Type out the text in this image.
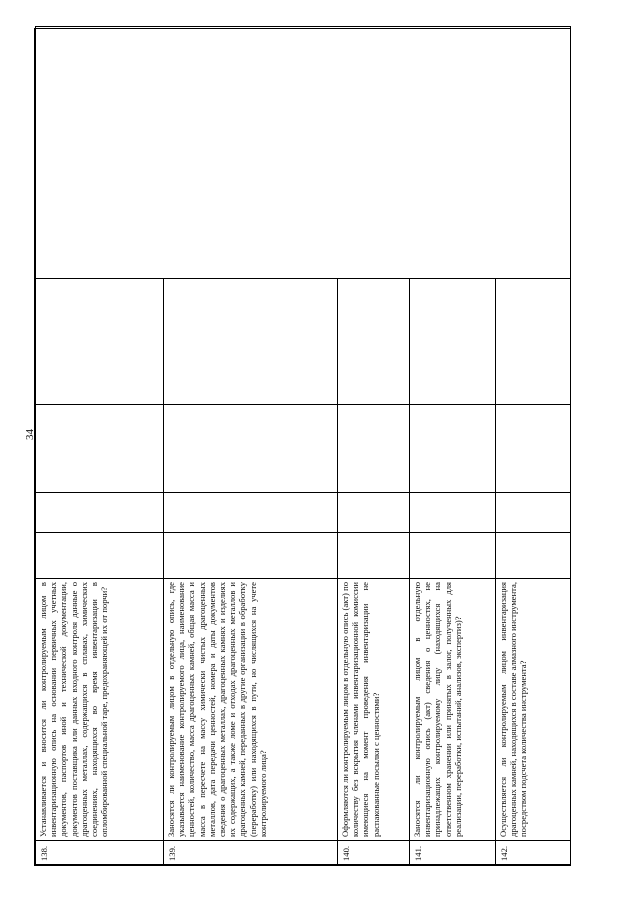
34
138.	Устанавливается и вносится ли контролируемым лицом в инвентаризационную опись на основании первичных учетных документов, паспортов иной и технической документации, документов поставщика или данных входного контроля данные о драгоценных металлах, содержащихся в сплавах, химических соединениях, находящихся во время инвентаризации в опломбированной специальной таре, предохраняющей их от порчи?					
139.	Заносятся ли контролируемым лицом в отдельную опись, где указывается наименование контролируемого лица, наименование ценностей, количество, масса драгоценных камней, общая масса и масса в пересчете на массу химически чистых драгоценных металлов, дата передачи ценностей, номера и даты документов сведения о драгоценных металлах, драгоценных камнях и изделиях их содержащих, а также ломе и отходах драгоценных металлов и драгоценных камней, переданных в другие организации в обработку (переработку) или находящихся в пути, но числящихся на учете контролируемого лица?					
140.	Оформляются ли контролируемым лицом в отдельную опись (акт) по количеству без вскрытия членами инвентаризационной комиссии имеющиеся на момент проведения инвентаризации не распакованные посылки с ценностями?					
141.	Заносятся ли контролируемым лицом в отдельную инвентаризационную опись (акт) сведения о ценностях, не принадлежащих контролируемому лицу (находящихся на ответственном хранении или принятых в залог, полученных для реализации, переработки, испытаний, анализов, экспертиз)?					
142.	Осуществляется ли контролируемым лицом инвентаризация драгоценных камней, находящихся в составе алмазного инструмента, посредством подсчета количества инструмента?					
